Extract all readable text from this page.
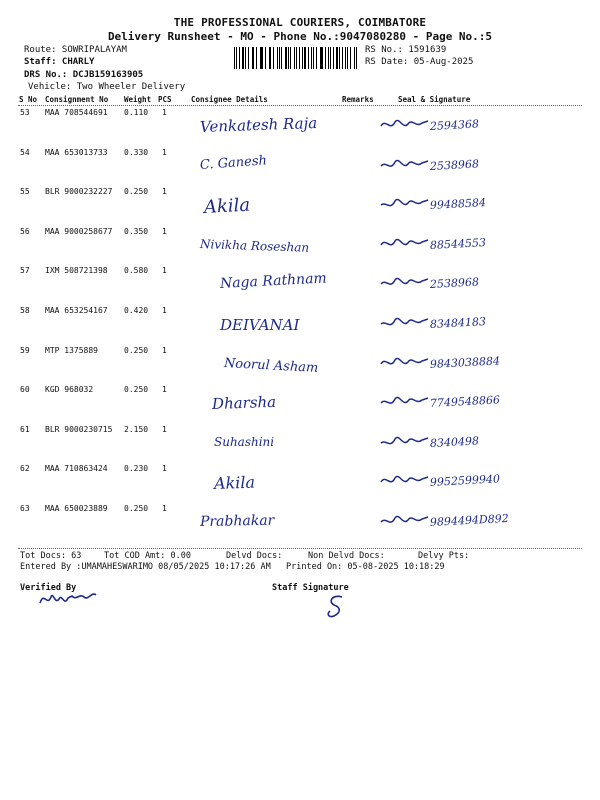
THE PROFESSIONAL COURIERS, COIMBATORE
Delivery Runsheet - MO - Phone No.:9047080280 - Page No.:5
Route: SOWRIPALAYAM
Staff: CHARLY
DRS No.: DCJB159163905
Vehicle: Two Wheeler Delivery
RS No.: 1591639
RS Date: 05-Aug-2025
S No Consignment No Weight PCS	Consignee Details	Remarks	Seal & Signature
53 MAA 708544691 0.110 1
Venkatesh Raja	2594368
54 MAA 653013733 0.330 1
C. Ganesh	2538968
55 BLR 9000232227 0.250 1
Akila	99488584
56 MAA 9000258677 0.350 1
Nivikha Roseshan	88544553
57 IXM 508721398 0.580 1	Naga Rathnam	2538968
58 MAA 653254167 0.420 1
DEIVANAI	83484183
59 MTP 1375889	0.250 1
Noorul Asham	9843038884
60 KGD 968032	0.250 1
Dharsha	7749548866
61 BLR 9000230715 2.150 1
Suhashini	8340498
62 MAA 710863424 0.230 1
Akila	9952599940
63 MAA 650023889 0.250 1
Prabhakar	9894494D892
Tot Docs: 63	Tot COD Amt: 0.00	Delvd Docs:	Non Delvd Docs:	Delvy Pts:
Entered By :UMAMAHESWARIMO 08/05/2025 10:17:26 AM Printed On: 05-08-2025 10:18:29
Verified By	Staff Signature
